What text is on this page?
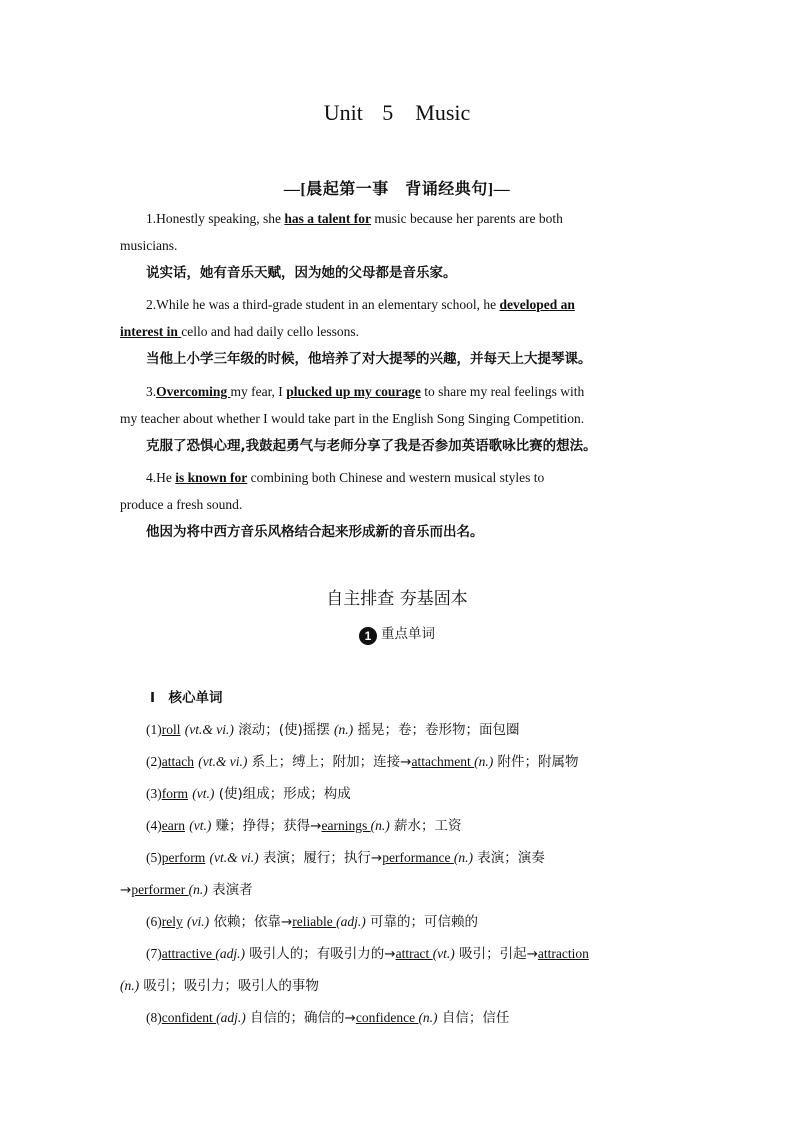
Unit 5　Music
—[晨起第一事　背诵经典句]—

1.Honestly speaking, she has a talent for music because her parents are both
musicians.

说实话，她有音乐天赋，因为她的父母都是音乐家。

2.While he was a third-grade student in an elementary school, he developed an
interest in cello and had daily cello lessons.

当他上小学三年级的时候，他培养了对大提琴的兴趣，并每天上大提琴课。

3.Overcoming my fear, I plucked up my courage to share my real feelings with
my teacher about whether I would take part in the English Song Singing Competition.

克服了恐惧心理,我鼓起勇气与老师分享了我是否参加英语歌咏比赛的想法。

4.He is known for combining both Chinese and western musical styles to
produce a fresh sound.

他因为将中西方音乐风格结合起来形成新的音乐而出名。

自主排查 夯基固本
1 重点单词

Ⅰ　核心单词

(1)roll (vt.& vi.) 滚动；(使)摇摆 (n.) 摇晃；卷；卷形物；面包圈

(2)attach (vt.& vi.) 系上；缚上；附加；连接→attachment (n.) 附件；附属物

(3)form (vt.) (使)组成；形成；构成

(4)earn (vt.) 赚；挣得；获得→earnings (n.) 薪水；工资

(5)perform (vt.& vi.) 表演；履行；执行→performance (n.) 表演；演奏

→performer (n.) 表演者

(6)rely (vi.) 依赖；依靠→reliable (adj.) 可靠的；可信赖的

(7)attractive (adj.) 吸引人的；有吸引力的→attract (vt.) 吸引；引起→attraction

(n.) 吸引；吸引力；吸引人的事物

(8)confident (adj.) 自信的；确信的→confidence (n.) 自信；信任
